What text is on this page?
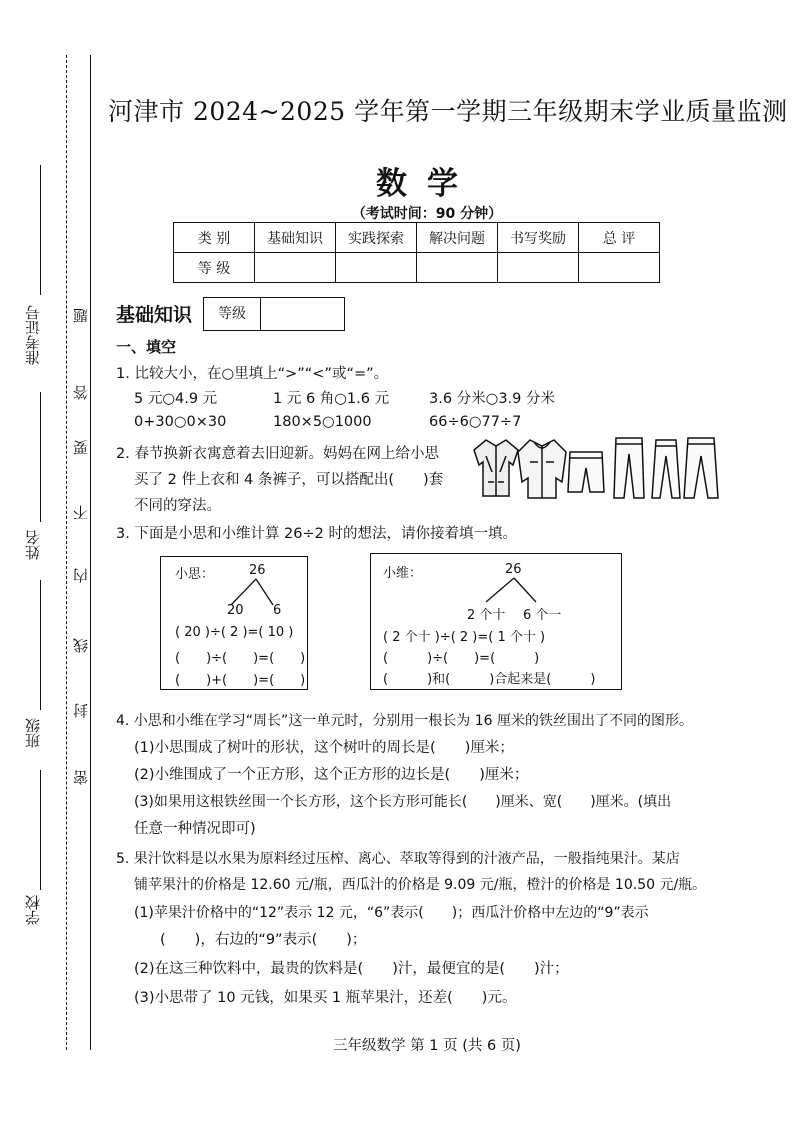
准考证号
姓名
班级
学校
题
答
要
不
内
线
封
密
河津市 2024~2025 学年第一学期三年级期末学业质量监测
数学
（考试时间：90 分钟）
类 别	基础知识	实践探索	解决问题	书写奖励	总 评
等 级					
基础知识	等级
一、填空
1. 比较大小，在○里填上“>”“<”或“=”。
5 元○4.9 元	1 元 6 角○1.6 元	3.6 分米○3.9 分米
0+30○0×30	180×5○1000	66÷6○77÷7
2. 春节换新衣寓意着去旧迎新。妈妈在网上给小思
买了 2 件上衣和 4 条裤子，可以搭配出(　　)套
不同的穿法。
3. 下面是小思和小维计算 26÷2 时的想法，请你接着填一填。
小思：	26
20 6
( 20 )÷( 2 )=( 10 )
(　　)÷(　　)=(　　)
(　　)+(　　)=(　　)
小维：	26
2 个十 6 个一
( 2 个十 )÷( 2 )=( 1 个十 )
(　　　)÷(　　)=(　　　)
(　　　)和(　　　)合起来是(　　　)
4. 小思和小维在学习“周长”这一单元时，分别用一根长为 16 厘米的铁丝围出了不同的图形。
(1)小思围成了树叶的形状，这个树叶的周长是(　　)厘米；
(2)小维围成了一个正方形，这个正方形的边长是(　　)厘米；
(3)如果用这根铁丝围一个长方形，这个长方形可能长(　　)厘米、宽(　　)厘米。(填出
任意一种情况即可)
5. 果汁饮料是以水果为原料经过压榨、离心、萃取等得到的汁液产品，一般指纯果汁。某店
铺苹果汁的价格是 12.60 元/瓶，西瓜汁的价格是 9.09 元/瓶，橙汁的价格是 10.50 元/瓶。
(1)苹果汁价格中的“12”表示 12 元，“6”表示(　　)；西瓜汁价格中左边的“9”表示
(　　)，右边的“9”表示(　　)；
(2)在这三种饮料中，最贵的饮料是(　　)汁，最便宜的是(　　)汁；
(3)小思带了 10 元钱，如果买 1 瓶苹果汁，还差(　　)元。
三年级数学 第 1 页 (共 6 页)
